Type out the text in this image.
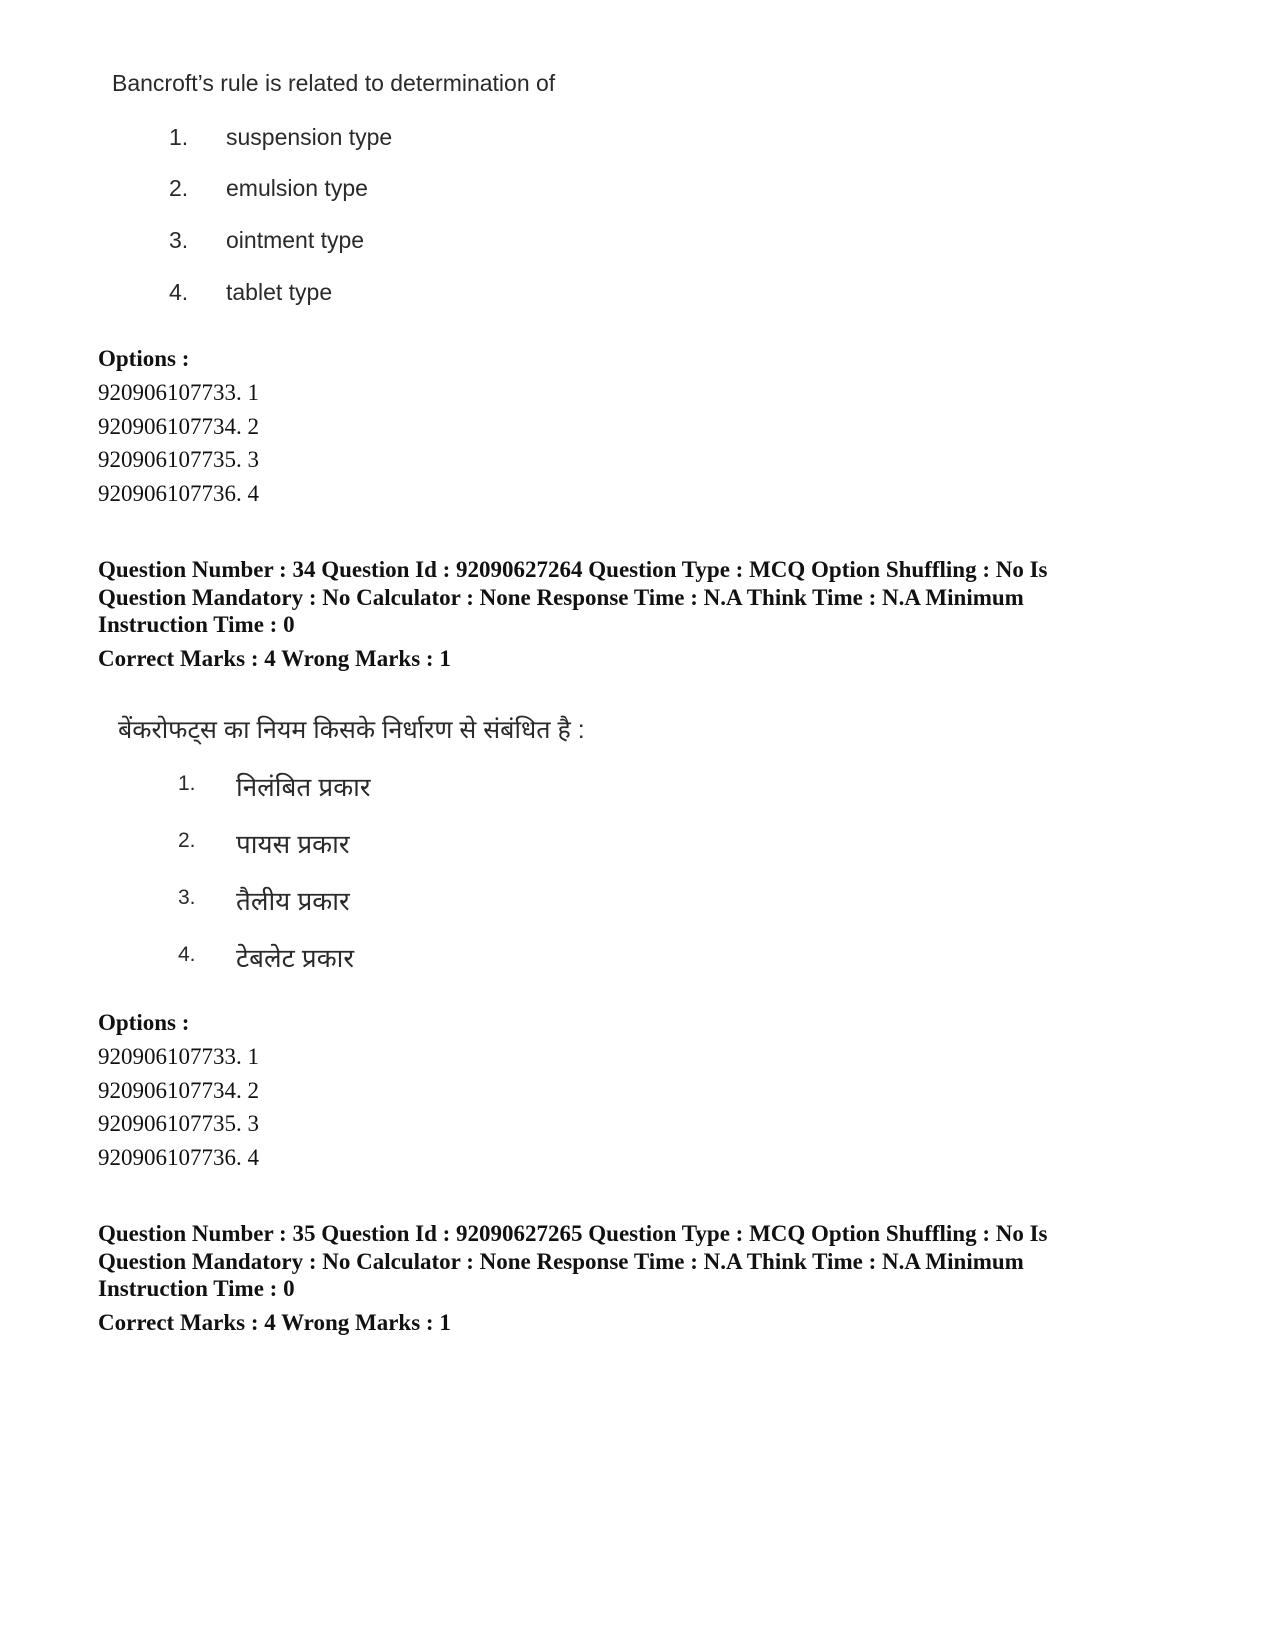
Bancroft’s rule is related to determination of
1. suspension type
2. emulsion type
3. ointment type
4. tablet type
Options :
920906107733. 1
920906107734. 2
920906107735. 3
920906107736. 4
Question Number : 34 Question Id : 92090627264 Question Type : MCQ Option Shuffling : No Is
Question Mandatory : No Calculator : None Response Time : N.A Think Time : N.A Minimum
Instruction Time : 0
Correct Marks : 4 Wrong Marks : 1
बेंकरोफट्स का नियम किसके निर्धारण से संबंधित है :
1. निलंबित प्रकार
2. पायस प्रकार
3. तैलीय प्रकार
4. टेबलेट प्रकार
Options :
920906107733. 1
920906107734. 2
920906107735. 3
920906107736. 4
Question Number : 35 Question Id : 92090627265 Question Type : MCQ Option Shuffling : No Is
Question Mandatory : No Calculator : None Response Time : N.A Think Time : N.A Minimum
Instruction Time : 0
Correct Marks : 4 Wrong Marks : 1
